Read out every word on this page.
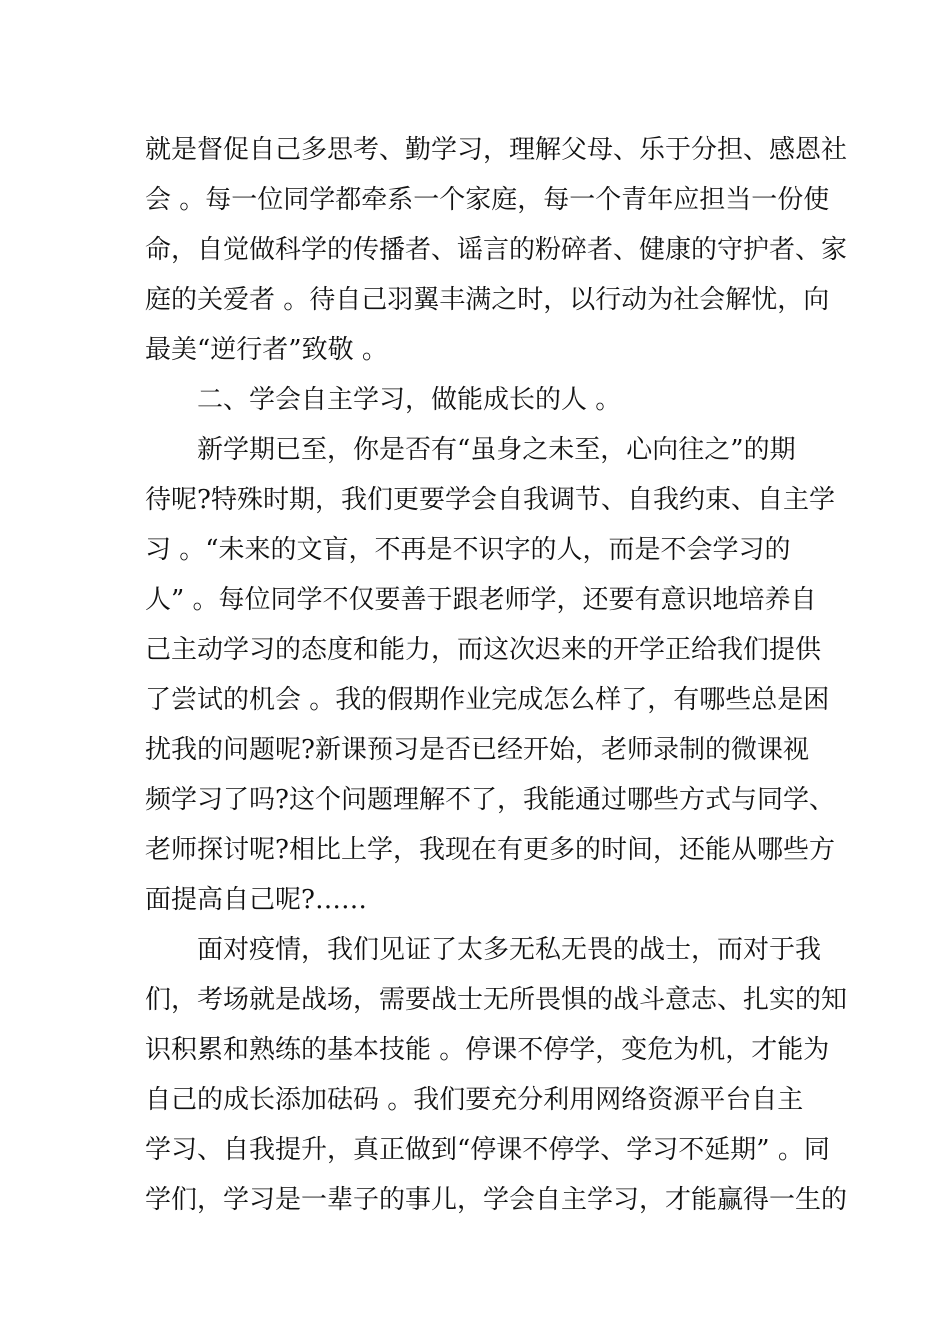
就是督促自己多思考、勤学习，理解父母、乐于分担、感恩社
会 。每一位同学都牵系一个家庭，每一个青年应担当一份使
命，自觉做科学的传播者、谣言的粉碎者、健康的守护者、家
庭的关爱者 。待自己羽翼丰满之时，以行动为社会解忧，向
最美“逆行者”致敬 。
二、学会自主学习，做能成长的人 。
新学期已至，你是否有“虽身之未至，心向往之”的期
待呢?特殊时期，我们更要学会自我调节、自我约束、自主学
习 。“未来的文盲，不再是不识字的人，而是不会学习的
人” 。每位同学不仅要善于跟老师学，还要有意识地培养自
己主动学习的态度和能力，而这次迟来的开学正给我们提供
了尝试的机会 。我的假期作业完成怎么样了，有哪些总是困
扰我的问题呢?新课预习是否已经开始，老师录制的微课视
频学习了吗?这个问题理解不了，我能通过哪些方式与同学、
老师探讨呢?相比上学，我现在有更多的时间，还能从哪些方
面提高自己呢?……
面对疫情，我们见证了太多无私无畏的战士，而对于我
们，考场就是战场，需要战士无所畏惧的战斗意志、扎实的知
识积累和熟练的基本技能 。停课不停学，变危为机，才能为
自己的成长添加砝码 。我们要充分利用网络资源平台自主
学习、自我提升，真正做到“停课不停学、学习不延期” 。同
学们，学习是一辈子的事儿，学会自主学习，才能赢得一生的
